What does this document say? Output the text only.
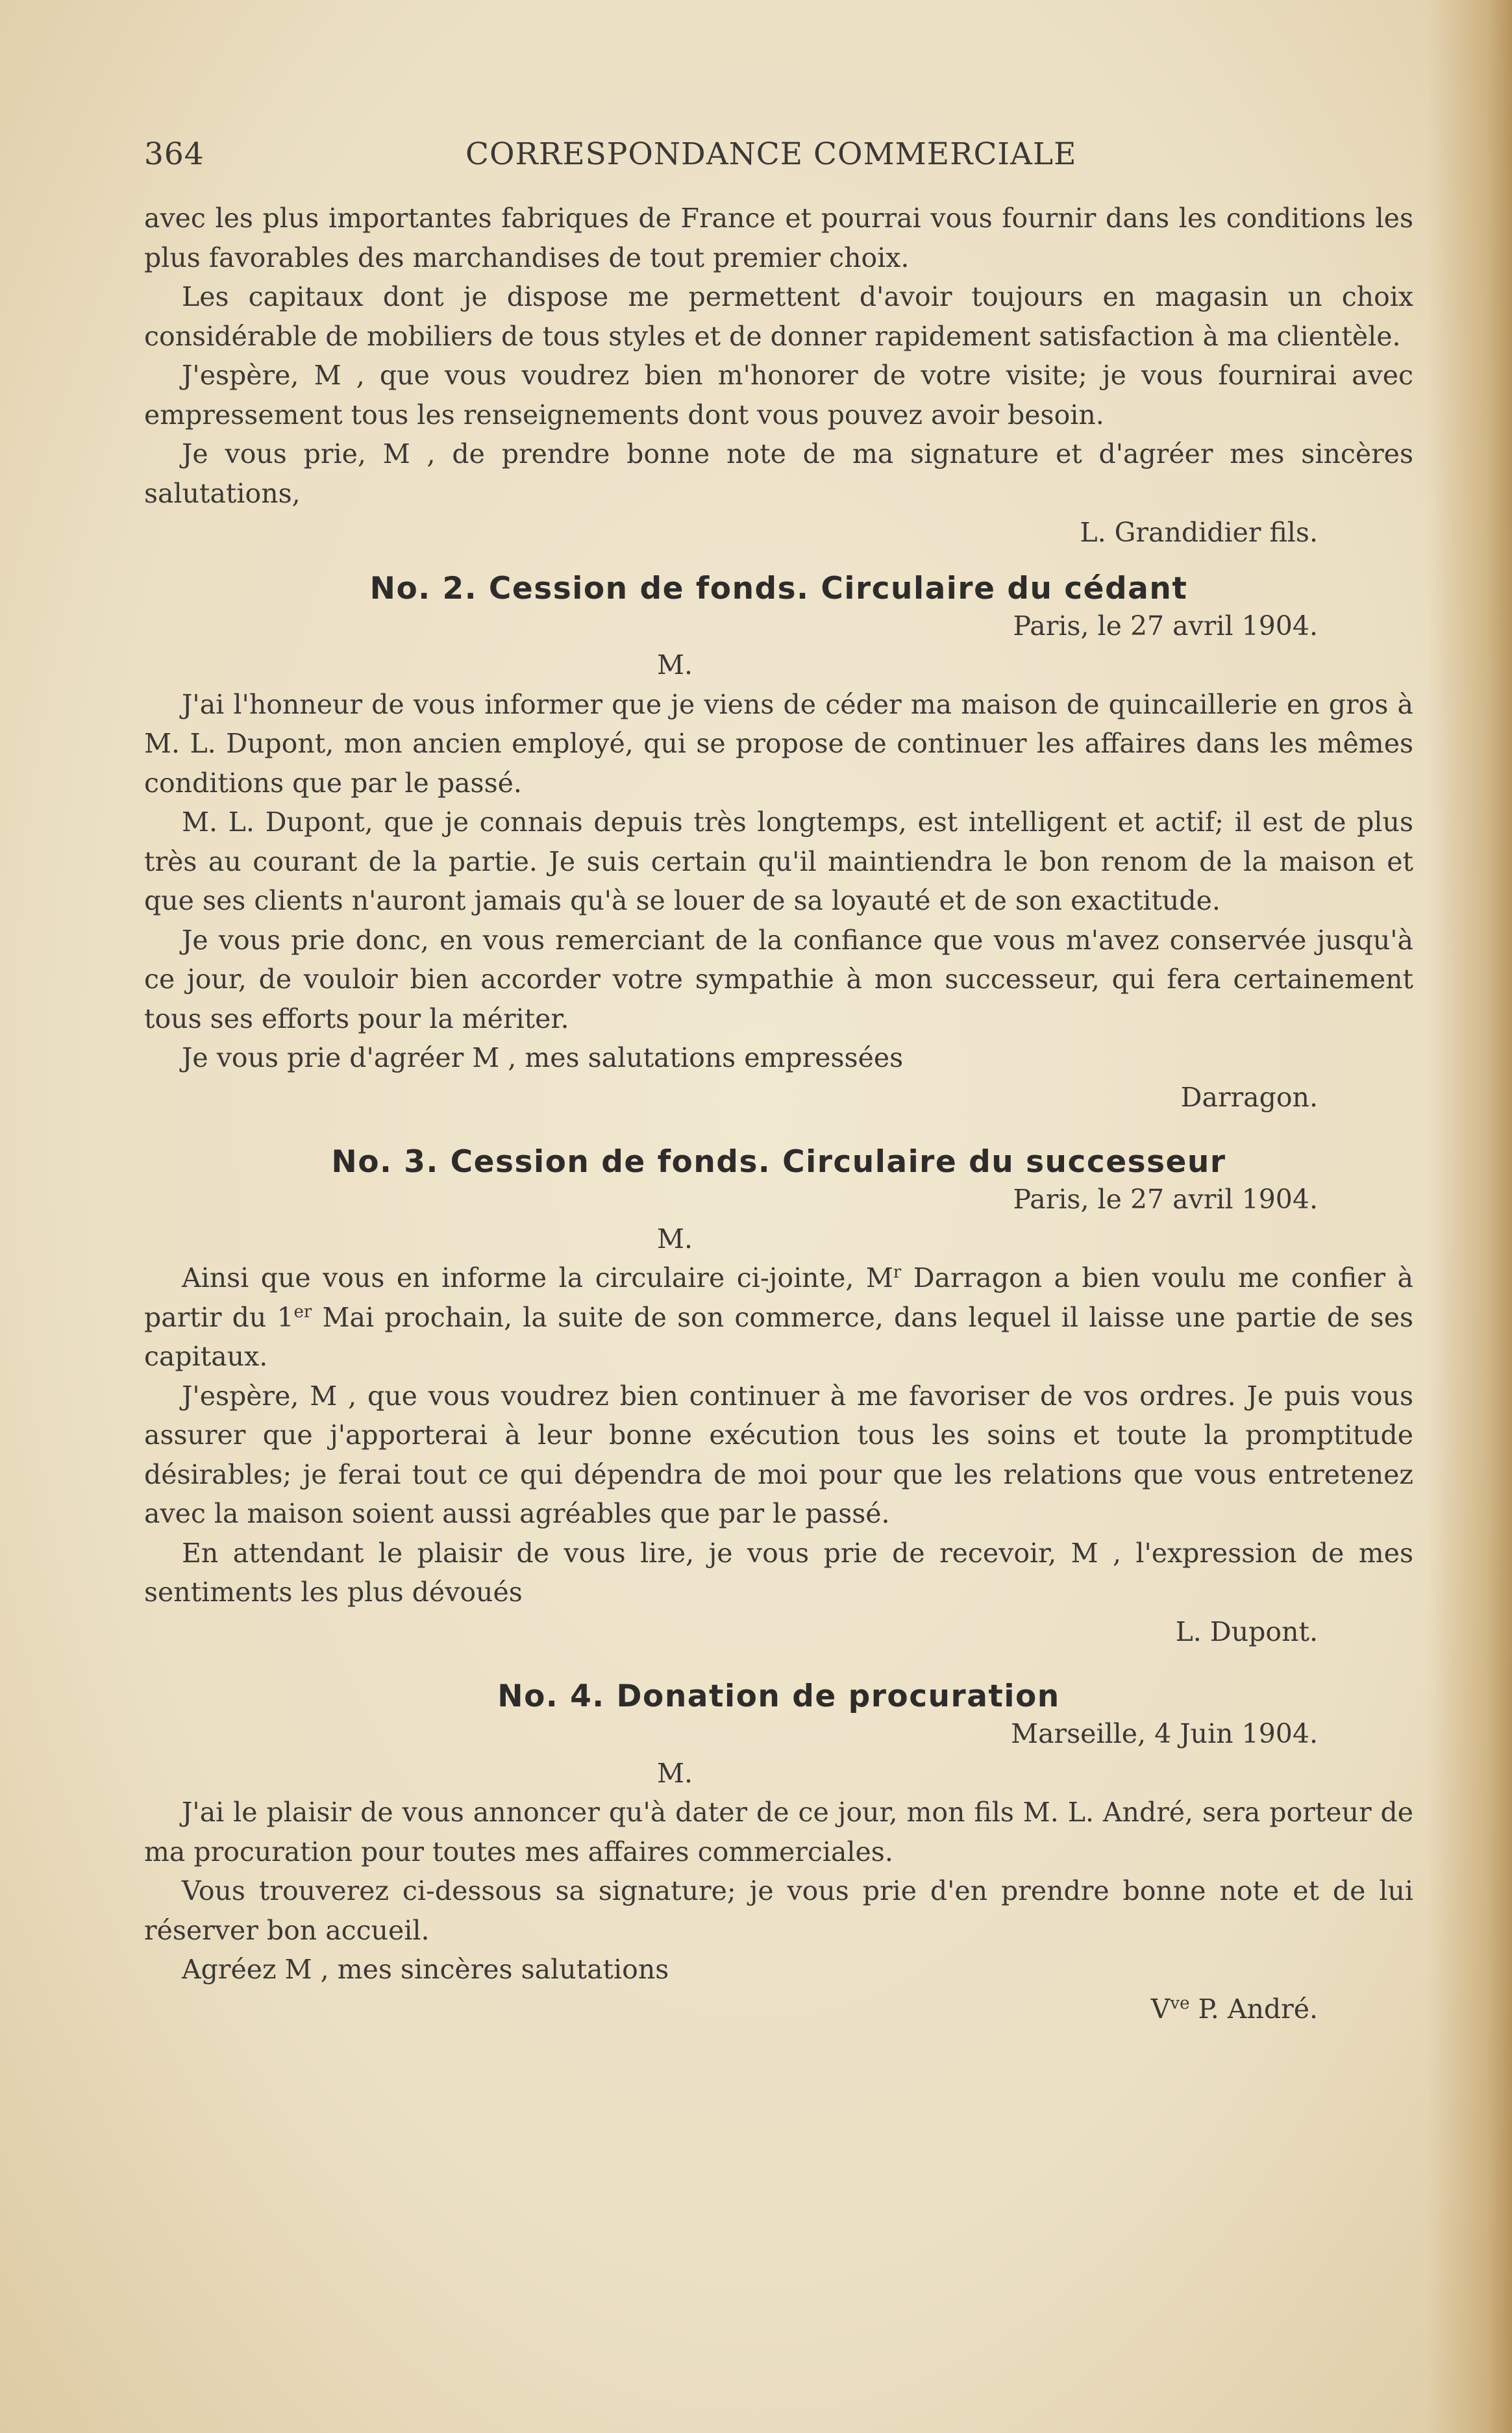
364	CORRESPONDANCE COMMERCIALE

avec les plus importantes fabriques de France et pourrai vous fournir dans les conditions les plus favorables des marchandises de tout premier choix.

Les capitaux dont je dispose me permettent d'avoir toujours en magasin un choix considérable de mobiliers de tous styles et de donner rapidement satisfaction à ma clientèle.

J'espère, M , que vous voudrez bien m'honorer de votre visite; je vous fournirai avec empressement tous les renseignements dont vous pouvez avoir besoin.

Je vous prie, M , de prendre bonne note de ma signature et d'agréer mes sincères salutations,

L. Grandidier fils.

No. 2. Cession de fonds. Circulaire du cédant

Paris, le 27 avril 1904.

M.

J'ai l'honneur de vous informer que je viens de céder ma maison de quincaillerie en gros à M. L. Dupont, mon ancien employé, qui se propose de continuer les affaires dans les mêmes conditions que par le passé.

M. L. Dupont, que je connais depuis très longtemps, est intelligent et actif; il est de plus très au courant de la partie. Je suis certain qu'il maintiendra le bon renom de la maison et que ses clients n'auront jamais qu'à se louer de sa loyauté et de son exactitude.

Je vous prie donc, en vous remerciant de la confiance que vous m'avez conservée jusqu'à ce jour, de vouloir bien accorder votre sympathie à mon successeur, qui fera certainement tous ses efforts pour la mériter.

Je vous prie d'agréer M , mes salutations empressées

Darragon.

No. 3. Cession de fonds. Circulaire du successeur

Paris, le 27 avril 1904.

M.

Ainsi que vous en informe la circulaire ci-jointe, $M^r$ Darragon a bien voulu me confier à partir du 1er Mai prochain, la suite de son commerce, dans lequel il laisse une partie de ses capitaux.

J'espère, M , que vous voudrez bien continuer à me favoriser de vos ordres. Je puis vous assurer que j'apporterai à leur bonne exécution tous les soins et toute la promptitude désirables; je ferai tout ce qui dépendra de moi pour que les relations que vous entretenez avec la maison soient aussi agréables que par le passé.

En attendant le plaisir de vous lire, je vous prie de recevoir, M , l'expression de mes sentiments les plus dévoués

L. Dupont.

No. 4. Donation de procuration

Marseille, 4 Juin 1904.

M.

J'ai le plaisir de vous annoncer qu'à dater de ce jour, mon fils M. L. André, sera porteur de ma procuration pour toutes mes affaires commerciales.

Vous trouverez ci-dessous sa signature; je vous prie d'en prendre bonne note et de lui réserver bon accueil.

Agréez M , mes sincères salutations

$V^{ve}$ P. André.
